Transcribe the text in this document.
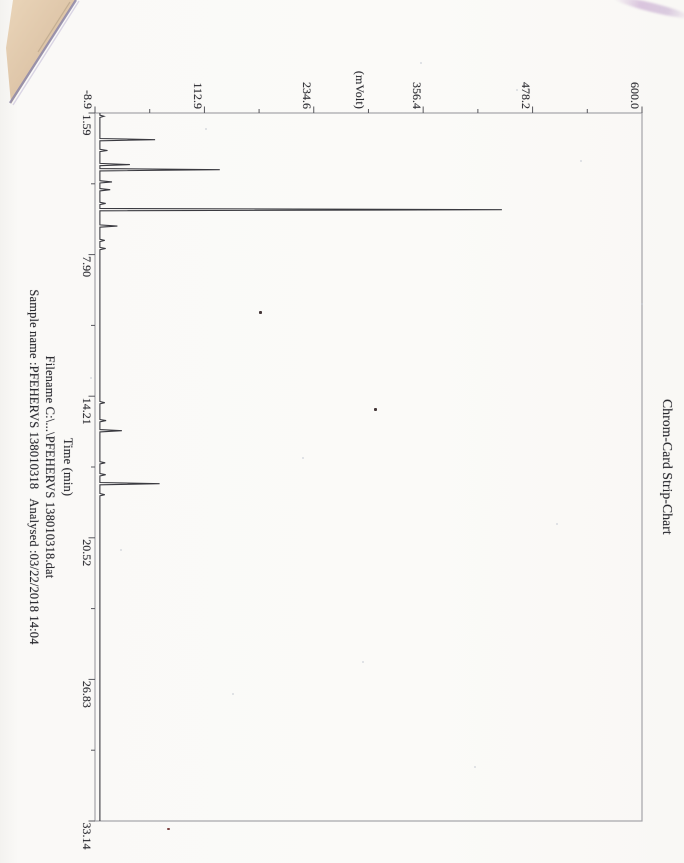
Chrom-Card Strip-Chart
-8.9	112.9	234.6	356.4	478.2	600.0
(mVolt)
1.59
7.90
14.21
20.52
26.83
33.14
Time (min)
Filename C:\...\PFEHERVS 138010318.dat
Sample name :PFEHERVS 138010318   Analysed :03/22/2018 14:04
